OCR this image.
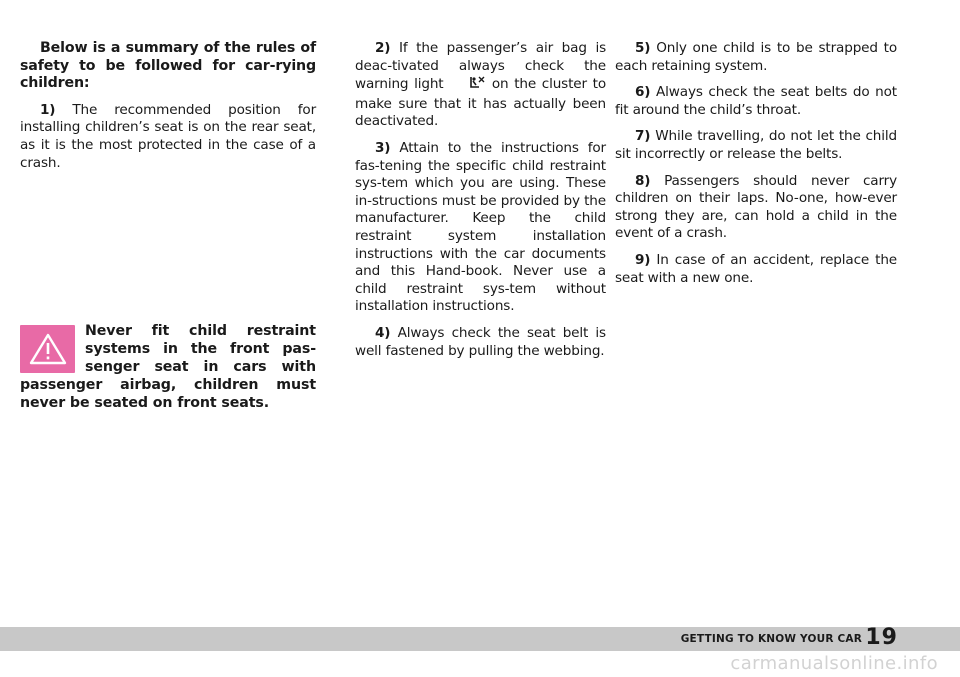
Below is a summary of the rules of safety to be followed for car-rying children:

1) The recommended position for installing children’s seat is on the rear seat, as it is the most protected in the case of a crash.

Never fit child restraint systems in the front pas-senger seat in cars with passenger airbag, children must never be seated on front seats.

2) If the passenger’s air bag is deac-tivated always check the warning light	on the cluster to make sure that it has actually been deactivated.

3) Attain to the instructions for fas-tening the specific child restraint sys-tem which you are using. These in-structions must be provided by the manufacturer. Keep the child restraint system installation instructions with the car documents and this Hand-book. Never use a child restraint sys-tem without installation instructions.

4) Always check the seat belt is well fastened by pulling the webbing.

5) Only one child is to be strapped to each retaining system.

6) Always check the seat belts do not fit around the child’s throat.

7) While travelling, do not let the child sit incorrectly or release the belts.

8) Passengers should never carry children on their laps. No-one, how-ever strong they are, can hold a child in the event of a crash.

9) In case of an accident, replace the seat with a new one.

GETTING TO KNOW YOUR CAR 19
carmanualsonline.info
